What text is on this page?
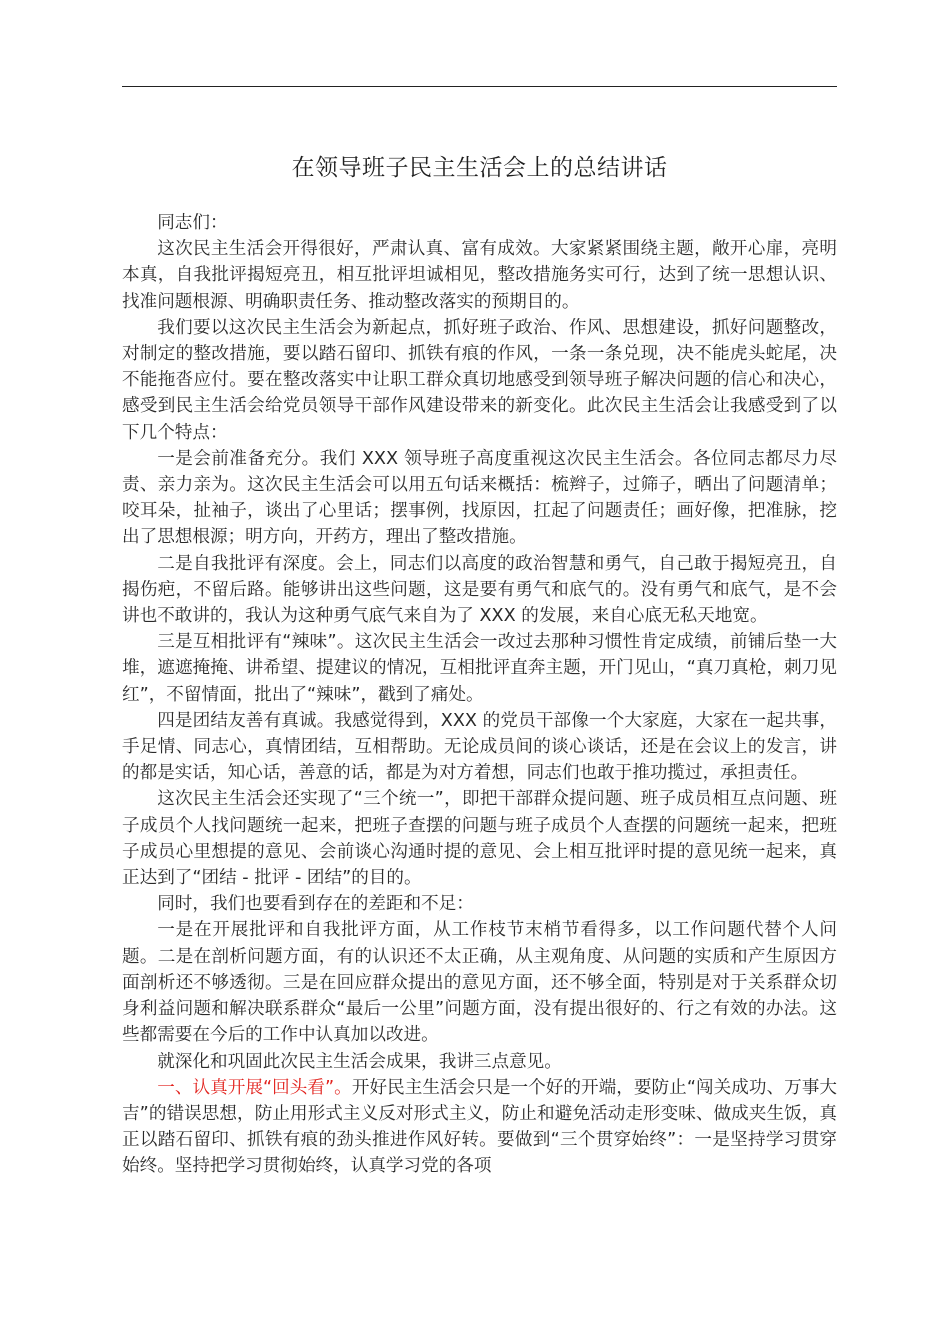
在领导班子民主生活会上的总结讲话

同志们：

这次民主生活会开得很好，严肃认真、富有成效。大家紧紧围绕主题，敞开心扉，亮明本真，自我批评揭短亮丑，相互批评坦诚相见，整改措施务实可行，达到了统一思想认识、找准问题根源、明确职责任务、推动整改落实的预期目的。

我们要以这次民主生活会为新起点，抓好班子政治、作风、思想建设，抓好问题整改，对制定的整改措施，要以踏石留印、抓铁有痕的作风，一条一条兑现，决不能虎头蛇尾，决不能拖沓应付。要在整改落实中让职工群众真切地感受到领导班子解决问题的信心和决心，感受到民主生活会给党员领导干部作风建设带来的新变化。此次民主生活会让我感受到了以下几个特点：

一是会前准备充分。我们 XXX 领导班子高度重视这次民主生活会。各位同志都尽力尽责、亲力亲为。这次民主生活会可以用五句话来概括：梳辫子，过筛子，晒出了问题清单；咬耳朵，扯袖子，谈出了心里话；摆事例，找原因，扛起了问题责任；画好像，把准脉，挖出了思想根源；明方向，开药方，理出了整改措施。

二是自我批评有深度。会上，同志们以高度的政治智慧和勇气，自己敢于揭短亮丑，自揭伤疤，不留后路。能够讲出这些问题，这是要有勇气和底气的。没有勇气和底气，是不会讲也不敢讲的，我认为这种勇气底气来自为了 XXX 的发展，来自心底无私天地宽。

三是互相批评有“辣味”。这次民主生活会一改过去那种习惯性肯定成绩，前铺后垫一大堆，遮遮掩掩、讲希望、提建议的情况，互相批评直奔主题，开门见山，“真刀真枪，刺刀见红”，不留情面，批出了“辣味”，戳到了痛处。

四是团结友善有真诚。我感觉得到，XXX 的党员干部像一个大家庭，大家在一起共事，手足情、同志心，真情团结，互相帮助。无论成员间的谈心谈话，还是在会议上的发言，讲的都是实话，知心话，善意的话，都是为对方着想，同志们也敢于推功揽过，承担责任。

这次民主生活会还实现了“三个统一”，即把干部群众提问题、班子成员相互点问题、班子成员个人找问题统一起来，把班子查摆的问题与班子成员个人查摆的问题统一起来，把班子成员心里想提的意见、会前谈心沟通时提的意见、会上相互批评时提的意见统一起来，真正达到了“团结 - 批评 - 团结”的目的。

同时，我们也要看到存在的差距和不足：

一是在开展批评和自我批评方面，从工作枝节末梢节看得多，以工作问题代替个人问题。二是在剖析问题方面，有的认识还不太正确，从主观角度、从问题的实质和产生原因方面剖析还不够透彻。三是在回应群众提出的意见方面，还不够全面，特别是对于关系群众切身利益问题和解决联系群众“最后一公里”问题方面，没有提出很好的、行之有效的办法。这些都需要在今后的工作中认真加以改进。

就深化和巩固此次民主生活会成果，我讲三点意见。

一、认真开展“回头看”。开好民主生活会只是一个好的开端，要防止“闯关成功、万事大吉”的错误思想，防止用形式主义反对形式主义，防止和避免活动走形变味、做成夹生饭，真正以踏石留印、抓铁有痕的劲头推进作风好转。要做到“三个贯穿始终”：一是坚持学习贯穿始终。坚持把学习贯彻始终，认真学习党的各项
